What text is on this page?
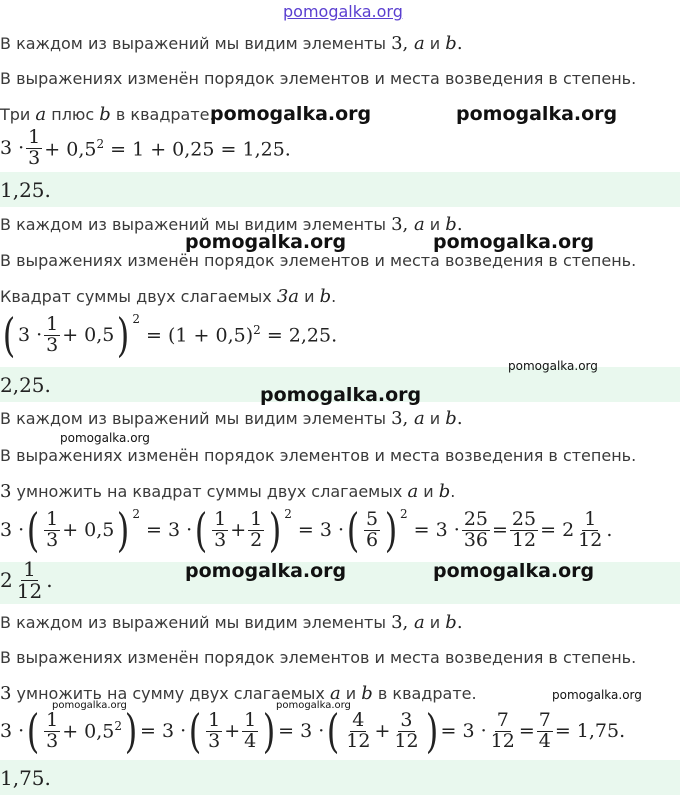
pomogalka.org
В каждом из выражений мы видим элементы 3, a и b.
В выражениях изменён порядок элементов и места возведения в степень.
Три a плюс b в квадрате.
$3 \cdot \frac{1}{3} + 0,5^2 = 1 + 0,25 = 1,25$.
1,25.
В каждом из выражений мы видим элементы 3, a и b.
В выражениях изменён порядок элементов и места возведения в степень.
Квадрат суммы двух слагаемых 3a и b.
( $3 \cdot \frac{1}{3} + 0,5$ )$^2$
= $(1 + 0,5)^2 = 2,25$.
2,25.
В каждом из выражений мы видим элементы 3, a и b.
В выражениях изменён порядок элементов и места возведения в степень.
3 умножить на квадрат суммы двух слагаемых a и b.
3 · ( $\frac{1}{3} + 0,5$ )$^2$
= 3 · ( $\frac{1}{3} + \frac{1}{2} )^2$
= 3 · ( $\frac{5}{6} )^2$
= $3 \cdot \frac{25}{36} = \frac{25}{12} = 2 \frac{1}{12}$ .
$2 \frac{1}{12}$ .
В каждом из выражений мы видим элементы 3, a и b.
В выражениях изменён порядок элементов и места возведения в степень.
3 умножить на сумму двух слагаемых a и b в квадрате.
3 · ( $\frac{1}{3} + 0,5^2$ ) = 3 · ( $\frac{1}{3} + \frac{1}{4}$ ) = 3 · ( $\frac{4}{12} + \frac{3}{12}$ ) = $3 \cdot \frac{7}{12} = \frac{7}{4} = 1,75$.
1,75.
pomogalka.org	pomogalka.org
pomogalka.org	pomogalka.org
pomogalka.org
pomogalka.org
pomogalka.org
pomogalka.org	pomogalka.org
pomogalka.org
pomogalka.org	pomogalka.org
